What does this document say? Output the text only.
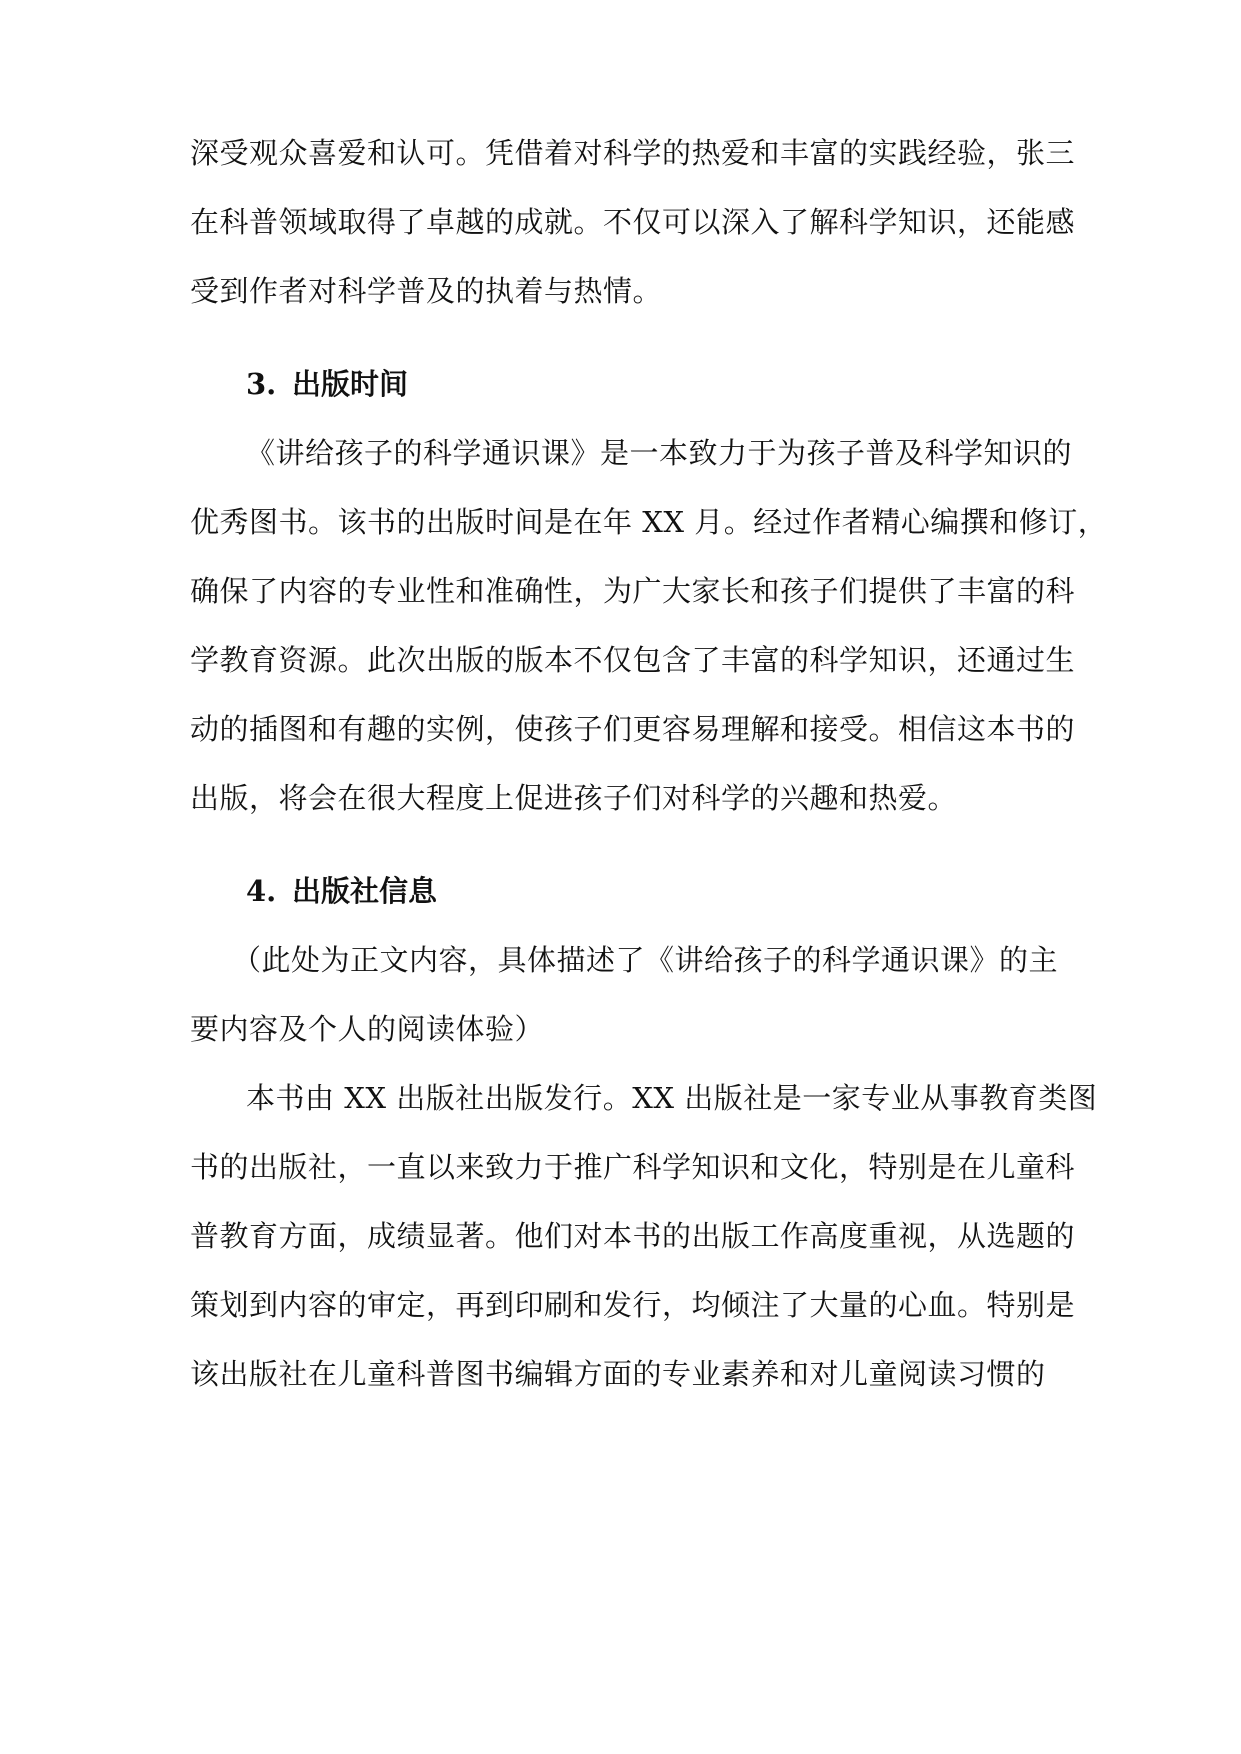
深受观众喜爱和认可。凭借着对科学的热爱和丰富的实践经验，张三
在科普领域取得了卓越的成就。不仅可以深入了解科学知识，还能感
受到作者对科学普及的执着与热情。
3. 出版时间
《讲给孩子的科学通识课》是一本致力于为孩子普及科学知识的
优秀图书。该书的出版时间是在年 XX 月。经过作者精心编撰和修订，
确保了内容的专业性和准确性，为广大家长和孩子们提供了丰富的科
学教育资源。此次出版的版本不仅包含了丰富的科学知识，还通过生
动的插图和有趣的实例，使孩子们更容易理解和接受。相信这本书的
出版，将会在很大程度上促进孩子们对科学的兴趣和热爱。
4. 出版社信息
（此处为正文内容，具体描述了《讲给孩子的科学通识课》的主
要内容及个人的阅读体验）
本书由 XX 出版社出版发行。XX 出版社是一家专业从事教育类图
书的出版社，一直以来致力于推广科学知识和文化，特别是在儿童科
普教育方面，成绩显著。他们对本书的出版工作高度重视，从选题的
策划到内容的审定，再到印刷和发行，均倾注了大量的心血。特别是
该出版社在儿童科普图书编辑方面的专业素养和对儿童阅读习惯的
